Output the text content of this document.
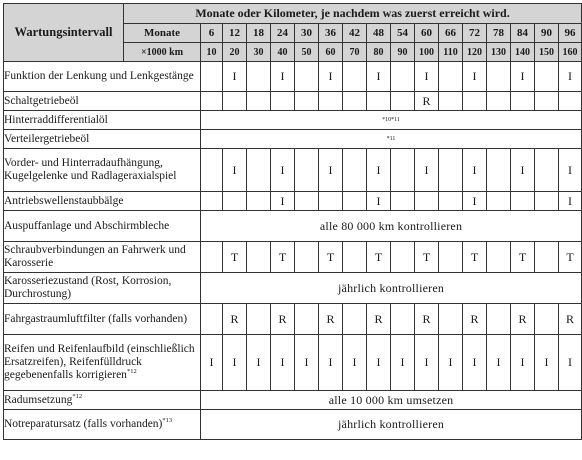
Wartungsintervall	Monate oder Kilometer, je nachdem was zuerst erreicht wird.																
	Monate	6	12	18	24	30	36	42	48	54	60	66	72	78	84	90	96
	×1000 km	10	20	30	40	50	60	70	80	90	100	110	120	130	140	150	160
Funktion der Lenkung und Lenkgestänge			I		I		I		I		I		I		I		I
Schaltgetriebeöl											R						
Hinterraddifferentialöl		*10*11															
Verteilergetriebeöl		*11															
Vorder- und Hinterradaufhängung, Kugelgelenke und Radlageraxialspiel			I		I		I		I		I		I		I		I
Antriebswellenstaubbälge					I				I				I				I
Auspuffanlage und Abschirmbleche		alle 80 000 km kontrollieren															
Schraubverbindungen an Fahrwerk und Karosserie			T		T		T		T		T		T		T		T
Karosseriezustand (Rost, Korrosion, Durchrostung)		jährlich kontrollieren															
Fahrgastraumluftfilter (falls vorhanden)			R		R		R		R		R		R		R		R
Reifen und Reifenlaufbild (einschließlich Ersatzreifen), Reifenfülldruck gegebenenfalls korrigieren$^{*12}$		I	I	I	I	I	I	I	I	I	I	I	I	I	I	I	I
Radumsetzung$^{*12}$		alle 10 000 km umsetzen															
Notreparatursatz (falls vorhanden)$^{*13}$		jährlich kontrollieren															
